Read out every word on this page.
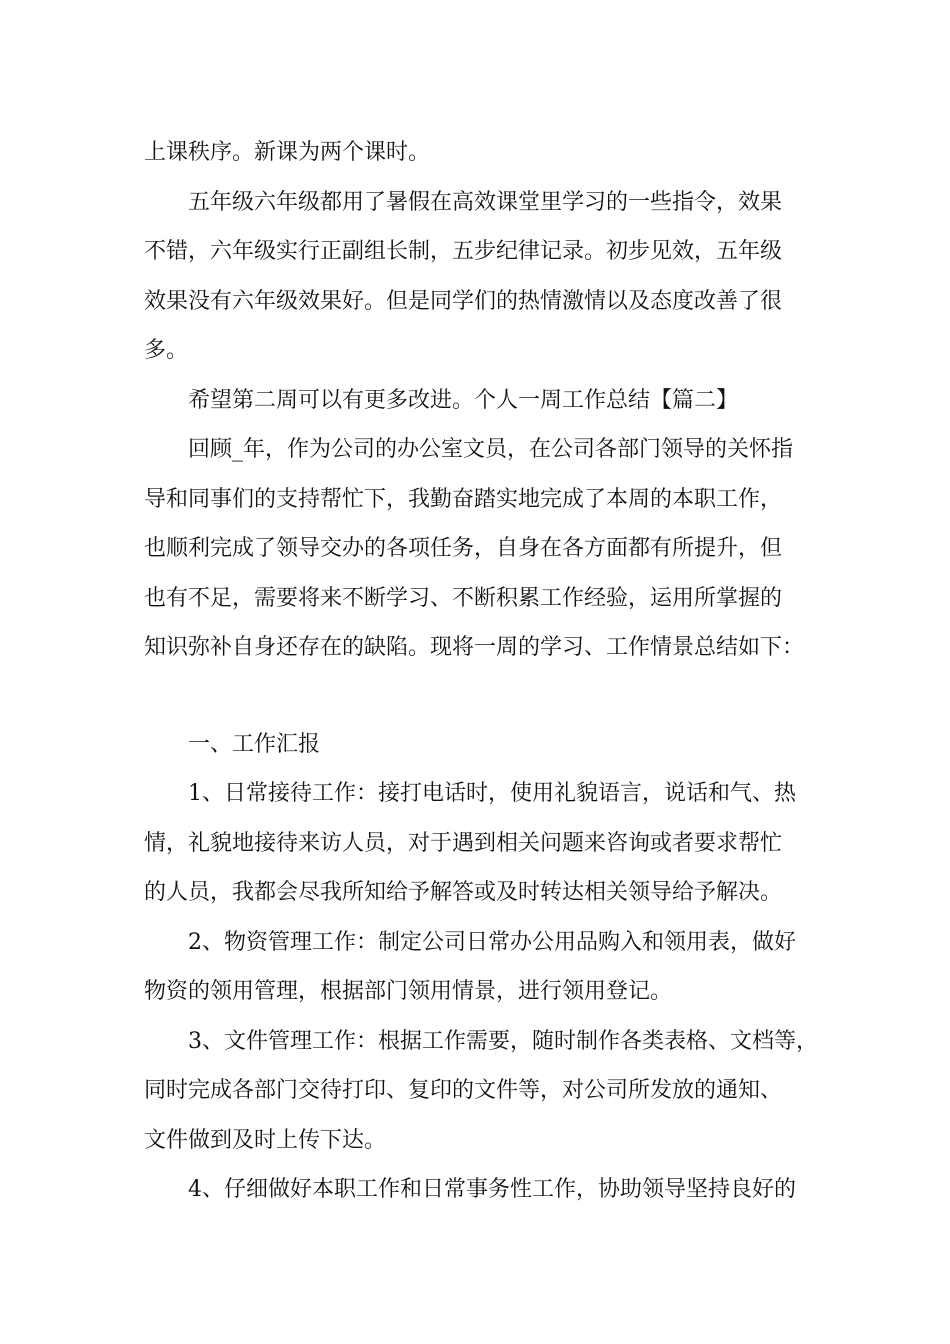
上课秩序。新课为两个课时。
五年级六年级都用了暑假在高效课堂里学习的一些指令，效果
不错，六年级实行正副组长制，五步纪律记录。初步见效，五年级
效果没有六年级效果好。但是同学们的热情激情以及态度改善了很
多。
希望第二周可以有更多改进。个人一周工作总结【篇二】
回顾_年，作为公司的办公室文员，在公司各部门领导的关怀指
导和同事们的支持帮忙下，我勤奋踏实地完成了本周的本职工作，
也顺利完成了领导交办的各项任务，自身在各方面都有所提升，但
也有不足，需要将来不断学习、不断积累工作经验，运用所掌握的
知识弥补自身还存在的缺陷。现将一周的学习、工作情景总结如下：
一、工作汇报
1、日常接待工作：接打电话时，使用礼貌语言，说话和气、热
情，礼貌地接待来访人员，对于遇到相关问题来咨询或者要求帮忙
的人员，我都会尽我所知给予解答或及时转达相关领导给予解决。
2、物资管理工作：制定公司日常办公用品购入和领用表，做好
物资的领用管理，根据部门领用情景，进行领用登记。
3、文件管理工作：根据工作需要，随时制作各类表格、文档等，
同时完成各部门交待打印、复印的文件等，对公司所发放的通知、
文件做到及时上传下达。
4、仔细做好本职工作和日常事务性工作，协助领导坚持良好的
